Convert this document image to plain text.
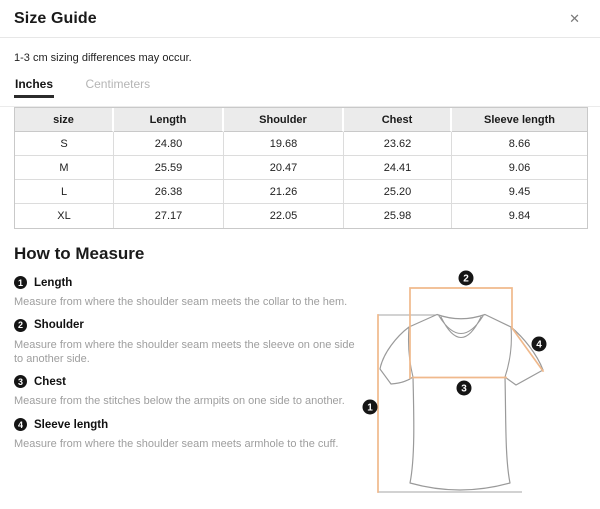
Size Guide	✕
1-3 cm sizing differences may occur.
Inches	Centimeters
size	Length	Shoulder	Chest	Sleeve length
S	24.80	19.68	23.62	8.66
M	25.59	20.47	24.41	9.06
L	26.38	21.26	25.20	9.45
XL	27.17	22.05	25.98	9.84
How to Measure
1 Length
Measure from where the shoulder seam meets the collar to the hem.
2 Shoulder
Measure from where the shoulder seam meets the sleeve on one side to another side.
3 Chest
Measure from the stitches below the armpits on one side to another.
4 Sleeve length
Measure from where the shoulder seam meets armhole to the cuff.
1
2
3
4
